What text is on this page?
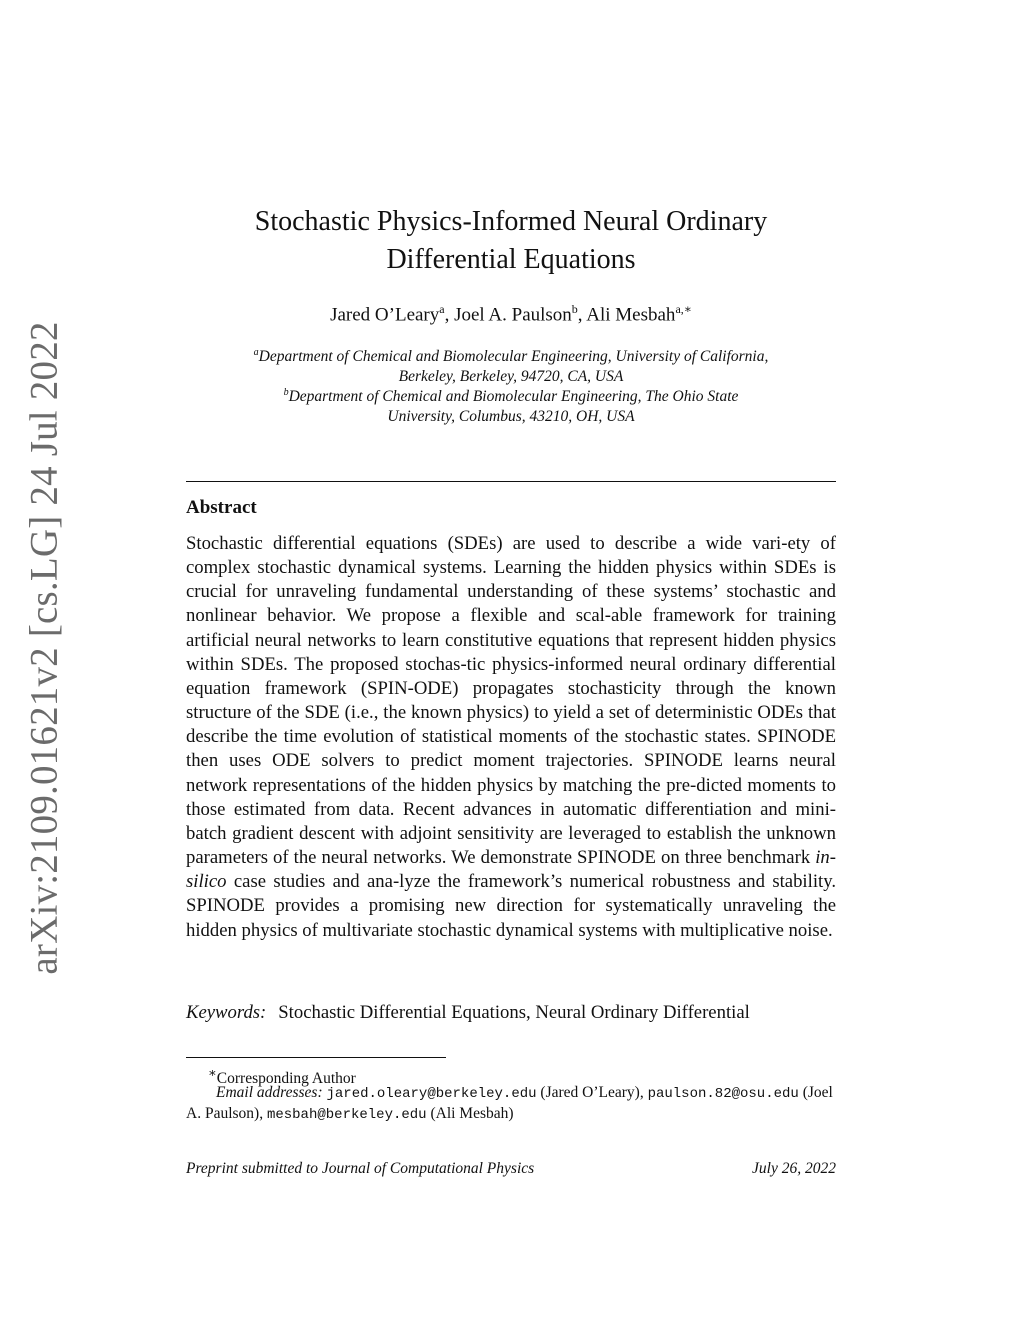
arXiv:2109.01621v2 [cs.LG] 24 Jul 2022
Stochastic Physics-Informed Neural Ordinary
Differential Equations
Jared O’Leary$^a$, Joel A. Paulson$^b$, Ali Mesbah$^{a,∗}$
$^a$Department of Chemical and Biomolecular Engineering, University of California,
Berkeley, Berkeley, 94720, CA, USA
$^b$Department of Chemical and Biomolecular Engineering, The Ohio State
University, Columbus, 43210, OH, USA
Abstract
Stochastic differential equations (SDEs) are used to describe a wide vari-ety of complex stochastic dynamical systems. Learning the hidden physics within SDEs is crucial for unraveling fundamental understanding of these systems’ stochastic and nonlinear behavior. We propose a flexible and scal-able framework for training artificial neural networks to learn constitutive equations that represent hidden physics within SDEs. The proposed stochas-tic physics-informed neural ordinary differential equation framework (SPIN-ODE) propagates stochasticity through the known structure of the SDE (i.e., the known physics) to yield a set of deterministic ODEs that describe the time evolution of statistical moments of the stochastic states. SPINODE then uses ODE solvers to predict moment trajectories. SPINODE learns neural network representations of the hidden physics by matching the pre-dicted moments to those estimated from data. Recent advances in automatic differentiation and mini-batch gradient descent with adjoint sensitivity are leveraged to establish the unknown parameters of the neural networks. We demonstrate SPINODE on three benchmark in-silico case studies and ana-lyze the framework’s numerical robustness and stability. SPINODE provides a promising new direction for systematically unraveling the hidden physics of multivariate stochastic dynamical systems with multiplicative noise.
Keywords: Stochastic Differential Equations, Neural Ordinary Differential
∗Corresponding Author
Email addresses: jared.oleary@berkeley.edu (Jared O’Leary), paulson.82@osu.edu (Joel A. Paulson), mesbah@berkeley.edu (Ali Mesbah)
Preprint submitted to Journal of Computational Physics	July 26, 2022
